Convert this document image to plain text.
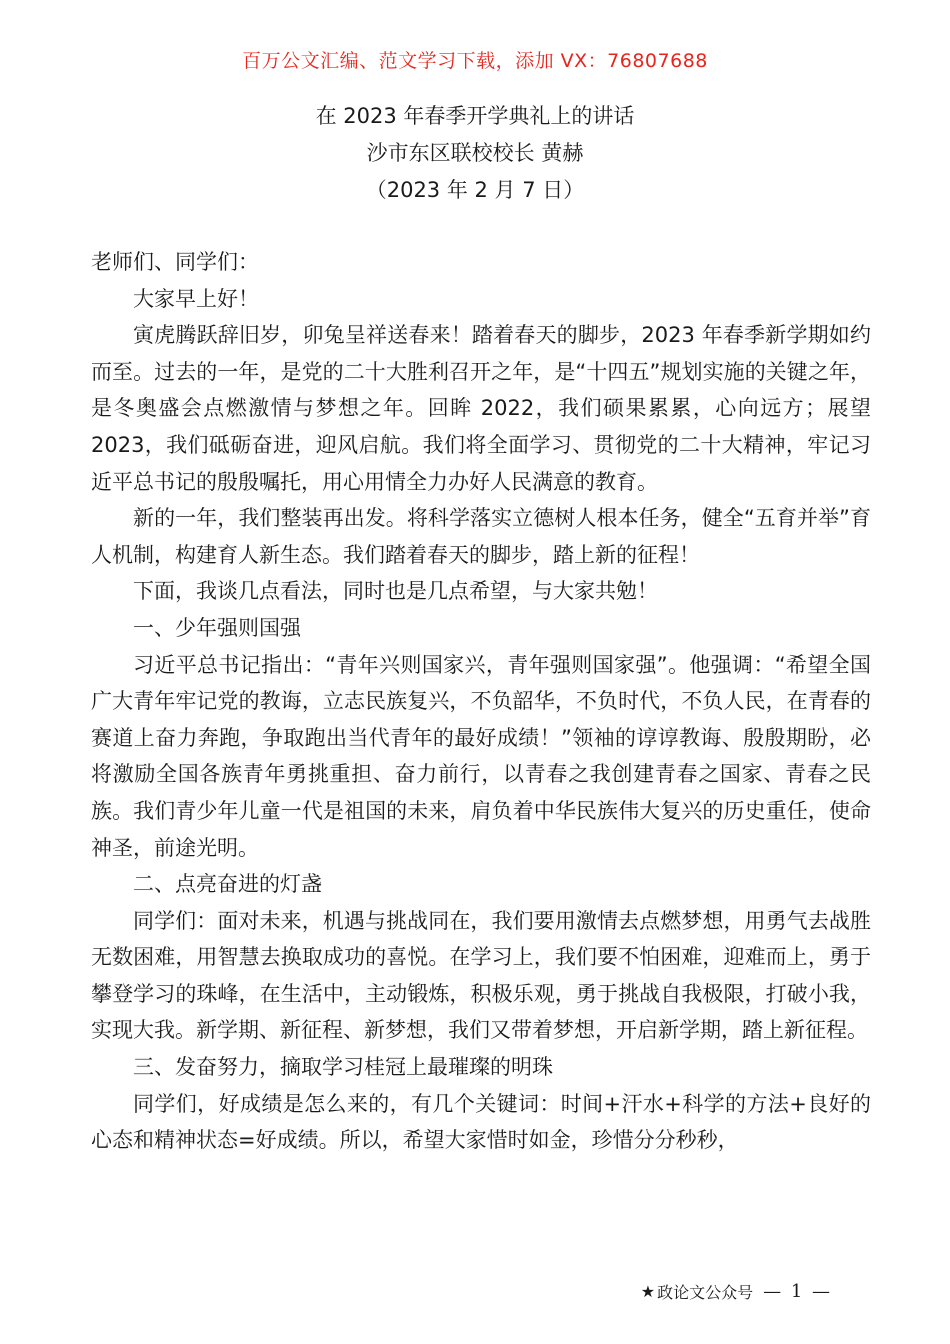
百万公文汇编、范文学习下载，添加 VX：76807688
在 2023 年春季开学典礼上的讲话
沙市东区联校校长 黄赫
（2023 年 2 月 7 日）

老师们、同学们：

大家早上好！

寅虎腾跃辞旧岁，卯兔呈祥送春来！踏着春天的脚步，2023 年春季新学期如约而至。过去的一年，是党的二十大胜利召开之年，是“十四五”规划实施的关键之年，是冬奥盛会点燃激情与梦想之年。回眸 2022，我们硕果累累，心向远方；展望 2023，我们砥砺奋进，迎风启航。我们将全面学习、贯彻党的二十大精神，牢记习近平总书记的殷殷嘱托，用心用情全力办好人民满意的教育。

新的一年，我们整装再出发。将科学落实立德树人根本任务，健全“五育并举”育人机制，构建育人新生态。我们踏着春天的脚步，踏上新的征程！

下面，我谈几点看法，同时也是几点希望，与大家共勉！

一、少年强则国强

习近平总书记指出：“青年兴则国家兴，青年强则国家强”。他强调：“希望全国广大青年牢记党的教诲，立志民族复兴，不负韶华，不负时代，不负人民，在青春的赛道上奋力奔跑，争取跑出当代青年的最好成绩！”领袖的谆谆教诲、殷殷期盼，必将激励全国各族青年勇挑重担、奋力前行，以青春之我创建青春之国家、青春之民族。我们青少年儿童一代是祖国的未来，肩负着中华民族伟大复兴的历史重任，使命神圣，前途光明。

二、点亮奋进的灯盏

同学们：面对未来，机遇与挑战同在，我们要用激情去点燃梦想，用勇气去战胜无数困难，用智慧去换取成功的喜悦。在学习上，我们要不怕困难，迎难而上，勇于攀登学习的珠峰，在生活中，主动锻炼，积极乐观，勇于挑战自我极限，打破小我，实现大我。新学期、新征程、新梦想，我们又带着梦想，开启新学期，踏上新征程。

三、发奋努力，摘取学习桂冠上最璀璨的明珠

同学们，好成绩是怎么来的，有几个关键词：时间+汗水+科学的方法+良好的心态和精神状态=好成绩。所以，希望大家惜时如金，珍惜分分秒秒，

★ 政论文公众号 — 1 —
